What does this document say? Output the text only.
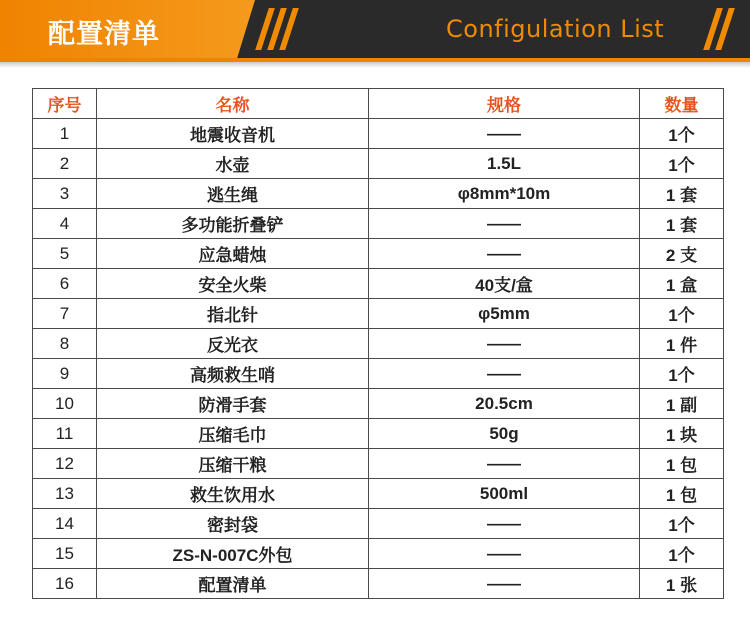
配置清单	Configulation List
序号	名称	规格	数量
1	地震收音机	——	1个
2	水壶	1.5L	1个
3	逃生绳	φ8mm*10m	1 套
4	多功能折叠铲	——	1 套
5	应急蜡烛	——	2 支
6	安全火柴	40支/盒	1 盒
7	指北针	φ5mm	1个
8	反光衣	——	1 件
9	高频救生哨	——	1个
10	防滑手套	20.5cm	1 副
11	压缩毛巾	50g	1 块
12	压缩干粮	——	1 包
13	救生饮用水	500ml	1 包
14	密封袋	——	1个
15	ZS-N-007C外包	——	1个
16	配置清单	——	1 张
